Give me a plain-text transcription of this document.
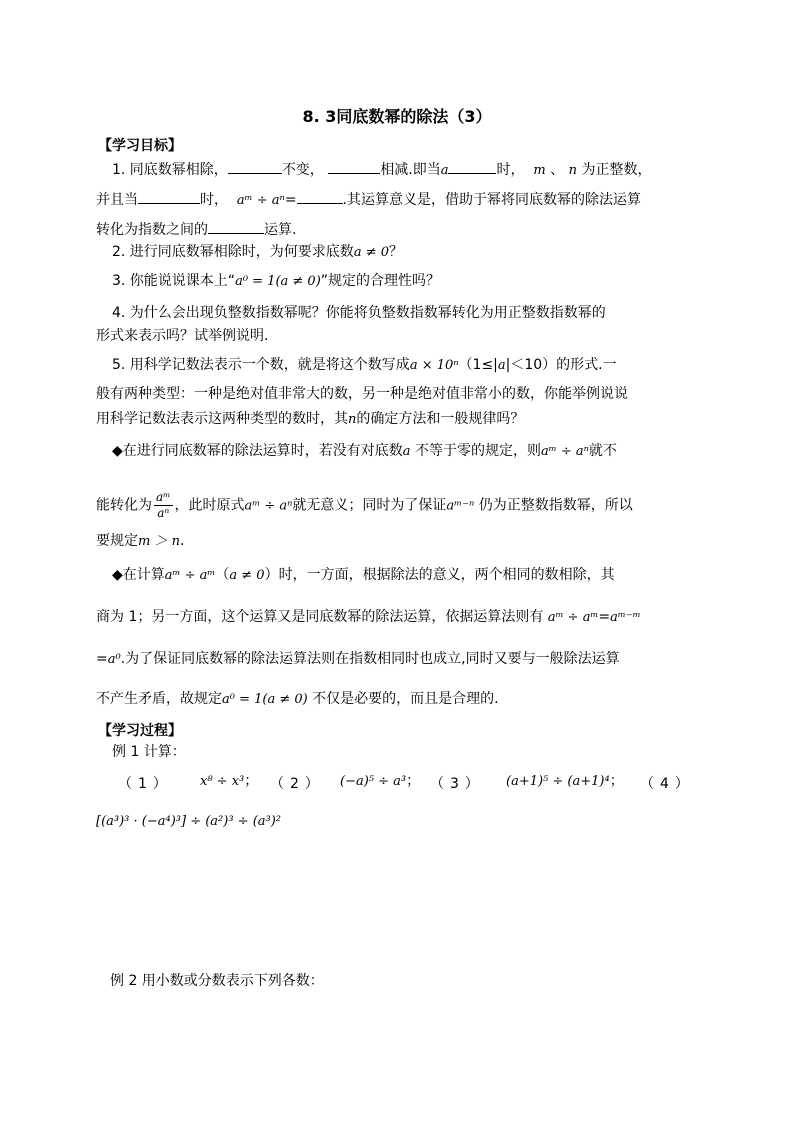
8. 3同底数幂的除法（3）
【学习目标】
1. 同底数幂相除，	不变，	相减.即当a	时， m 、 n 为正整数，
并且当	时， aᵐ ÷ aⁿ=	.其运算意义是，借助于幂将同底数幂的除法运算
转化为指数之间的	运算.
2. 进行同底数幂相除时，为何要求底数a ≠ 0？
3. 你能说说课本上“a⁰ = 1(a ≠ 0)”规定的合理性吗？
4. 为什么会出现负整数指数幂呢？你能将负整数指数幂转化为用正整数指数幂的
形式来表示吗？试举例说明.
5. 用科学记数法表示一个数，就是将这个数写成a × 10ⁿ（1≤|a|＜10）的形式.一
般有两种类型：一种是绝对值非常大的数，另一种是绝对值非常小的数，你能举例说说
用科学记数法表示这两种类型的数时，其n的确定方法和一般规律吗？
◆在进行同底数幂的除法运算时，若没有对底数a 不等于零的规定，则aᵐ ÷ aⁿ就不
能转化为 $\frac{\text{aᵐ}}{\text{aⁿ}}$ ，此时原式aᵐ ÷ aⁿ就无意义；同时为了保证aᵐ⁻ⁿ 仍为正整数指数幂，所以
要规定m ＞ n.
◆在计算aᵐ ÷ aᵐ（a ≠ 0）时，一方面，根据除法的意义，两个相同的数相除，其
商为 1；另一方面，这个运算又是同底数幂的除法运算，依据运算法则有 aᵐ ÷ aᵐ=aᵐ⁻ᵐ
=a⁰.为了保证同底数幂的除法运算法则在指数相同时也成立,同时又要与一般除法运算
不产生矛盾，故规定a⁰ = 1(a ≠ 0) 不仅是必要的，而且是合理的.
【学习过程】
例 1 计算：
（1） x⁸ ÷ x³； （2） (−a)⁵ ÷ a³； （3） (a+1)⁵ ÷ (a+1)⁴； （4）
[(a³)³ · (−a⁴)³] ÷ (a²)³ ÷ (a³)²
例 2 用小数或分数表示下列各数：
